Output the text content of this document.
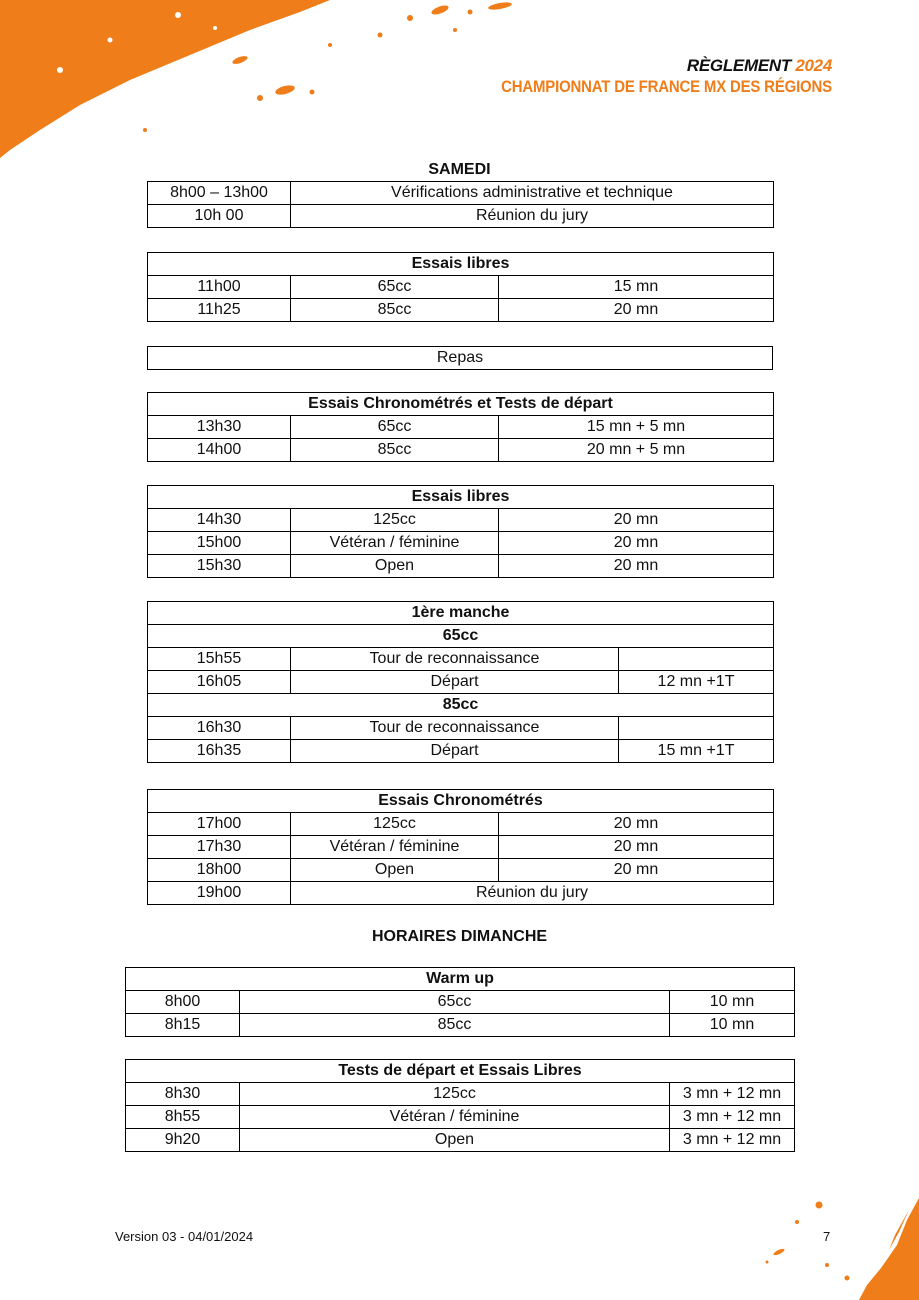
RÈGLEMENT 2024
CHAMPIONNAT DE FRANCE MX DES RÉGIONS
SAMEDI
8h00 – 13h00	Vérifications administrative et technique
10h 00	Réunion du jury
Essais libres		
11h00	65cc	15 mn
11h25	85cc	20 mn
Repas
Essais Chronométrés et Tests de départ		
13h30	65cc	15 mn + 5 mn
14h00	85cc	20 mn + 5 mn
Essais libres		
14h30	125cc	20 mn
15h00	Vétéran / féminine	20 mn
15h30	Open	20 mn
1ère manche		
65cc		
15h55	Tour de reconnaissance	
16h05	Départ	12 mn +1T
85cc		
16h30	Tour de reconnaissance	
16h35	Départ	15 mn +1T
Essais Chronométrés		
17h00	125cc	20 mn
17h30	Vétéran / féminine	20 mn
18h00	Open	20 mn
19h00	Réunion du jury	
HORAIRES DIMANCHE
Warm up		
8h00	65cc	10 mn
8h15	85cc	10 mn
Tests de départ et Essais Libres		
8h30	125cc	3 mn + 12 mn
8h55	Vétéran / féminine	3 mn + 12 mn
9h20	Open	3 mn + 12 mn
Version 03 - 04/01/2024	7
